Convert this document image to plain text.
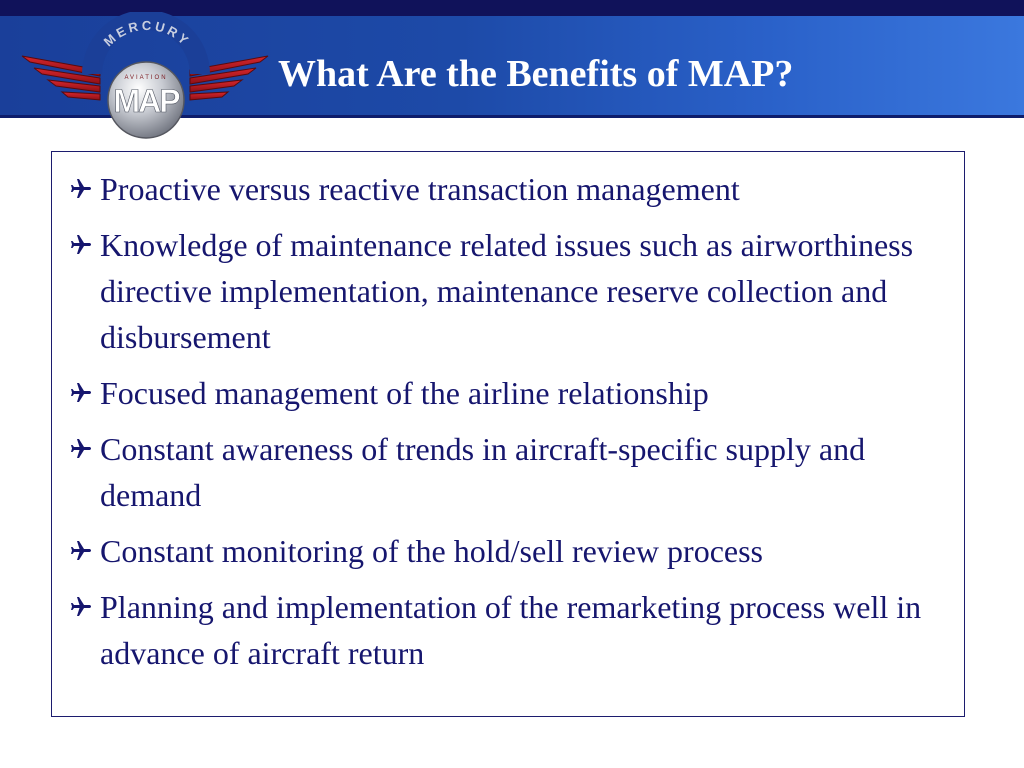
MERCURY
MAP
AVIATION	What Are the Benefits of MAP?
Proactive versus reactive transaction management
Knowledge of maintenance related issues such as airworthiness directive implementation, maintenance reserve collection and disbursement
Focused management of the airline relationship
Constant awareness of trends in aircraft-specific supply and demand
Constant monitoring of the hold/sell review process
Planning and implementation of the remarketing process well in advance of aircraft return
